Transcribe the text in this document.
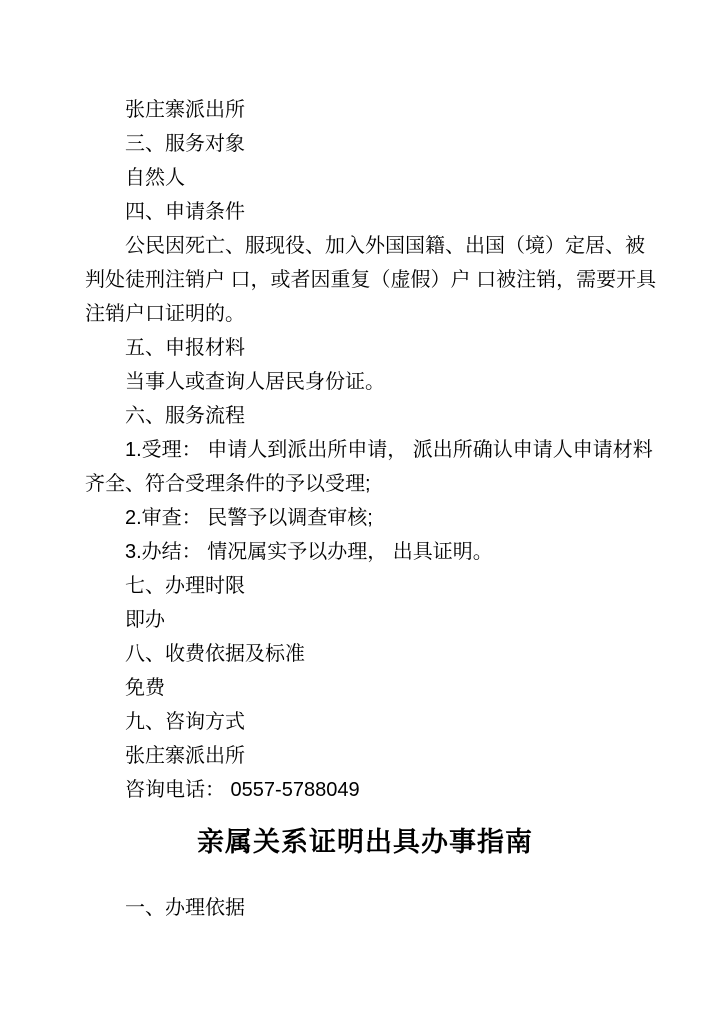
张庄寨派出所
三、服务对象
自然人
四、申请条件
公民因死亡、服现役、加入外国国籍、出国（境）定居、被
判处徒刑注销户 口，或者因重复（虚假）户 口被注销，需要开具
注销户口证明的。
五、申报材料
当事人或查询人居民身份证。
六、服务流程
1.受理： 申请人到派出所申请， 派出所确认申请人申请材料
齐全、符合受理条件的予以受理;
2.审查： 民警予以调查审核;
3.办结： 情况属实予以办理， 出具证明。
七、办理时限
即办
八、收费依据及标准
免费
九、咨询方式
张庄寨派出所
咨询电话： 0557-5788049
亲属关系证明出具办事指南
一、办理依据
